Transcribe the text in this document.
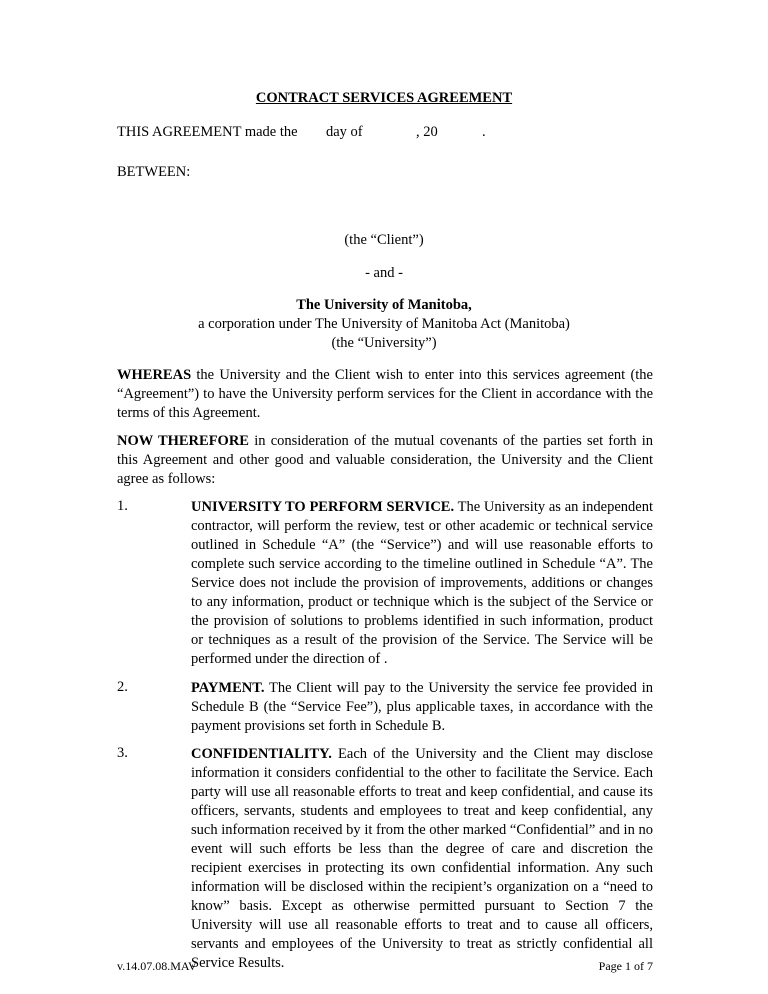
CONTRACT SERVICES AGREEMENT
THIS AGREEMENT made the day of	, 20	.
BETWEEN:
(the “Client”)
- and -
The University of Manitoba,
a corporation under The University of Manitoba Act (Manitoba)
(the “University”)
WHEREAS the University and the Client wish to enter into this services agreement (the “Agreement”) to have the University perform services for the Client in accordance with the terms of this Agreement.
NOW THEREFORE in consideration of the mutual covenants of the parties set forth in this Agreement and other good and valuable consideration, the University and the Client agree as follows:
1.	UNIVERSITY TO PERFORM SERVICE. The University as an independent contractor, will perform the review, test or other academic or technical service outlined in Schedule “A” (the “Service”) and will use reasonable efforts to complete such service according to the timeline outlined in Schedule “A”. The Service does not include the provision of improvements, additions or changes to any information, product or technique which is the subject of the Service or the provision of solutions to problems identified in such information, product or techniques as a result of the provision of the Service. The Service will be performed under the direction of .
2.	PAYMENT. The Client will pay to the University the service fee provided in Schedule B (the “Service Fee”), plus applicable taxes, in accordance with the payment provisions set forth in Schedule B.
3.	CONFIDENTIALITY. Each of the University and the Client may disclose information it considers confidential to the other to facilitate the Service. Each party will use all reasonable efforts to treat and keep confidential, and cause its officers, servants, students and employees to treat and keep confidential, any such information received by it from the other marked “Confidential” and in no event will such efforts be less than the degree of care and discretion the recipient exercises in protecting its own confidential information. Any such information will be disclosed within the recipient’s organization on a “need to know” basis. Except as otherwise permitted pursuant to Section 7 the University will use all reasonable efforts to treat and to cause all officers, servants and employees of the University to treat as strictly confidential all Service Results.
v.14.07.08.MAV	Page 1 of 7
